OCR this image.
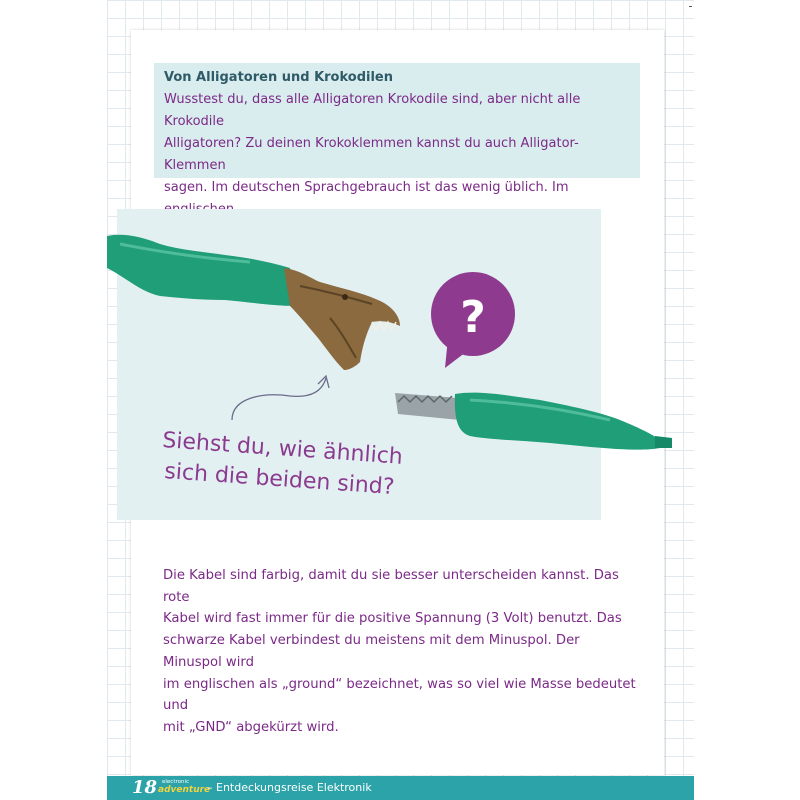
Von Alligatoren und Krokodilen
Wusstest du, dass alle Alligatoren Krokodile sind, aber nicht alle Krokodile
Alligatoren? Zu deinen Krokoklemmen kannst du auch Alligator-Klemmen
sagen. Im deutschen Sprachgebrauch ist das wenig üblich. Im
?
Siehst du, wie ähnlich
sich die beiden sind?
Die Kabel sind farbig, damit du sie besser unterscheiden kannst. Das rote
Kabel wird fast immer für die positive Spannung (3 Volt) benutzt. Das
schwarze Kabel verbindest du meistens mit dem Minuspol. Der Minuspol wird
im englischen als „ground“ bezeichnet, was so viel wie Masse bedeutet und
mit „GND“ abgekürzt wird.
18 electronic
adventure
– Entdeckungsreise Elektronik
